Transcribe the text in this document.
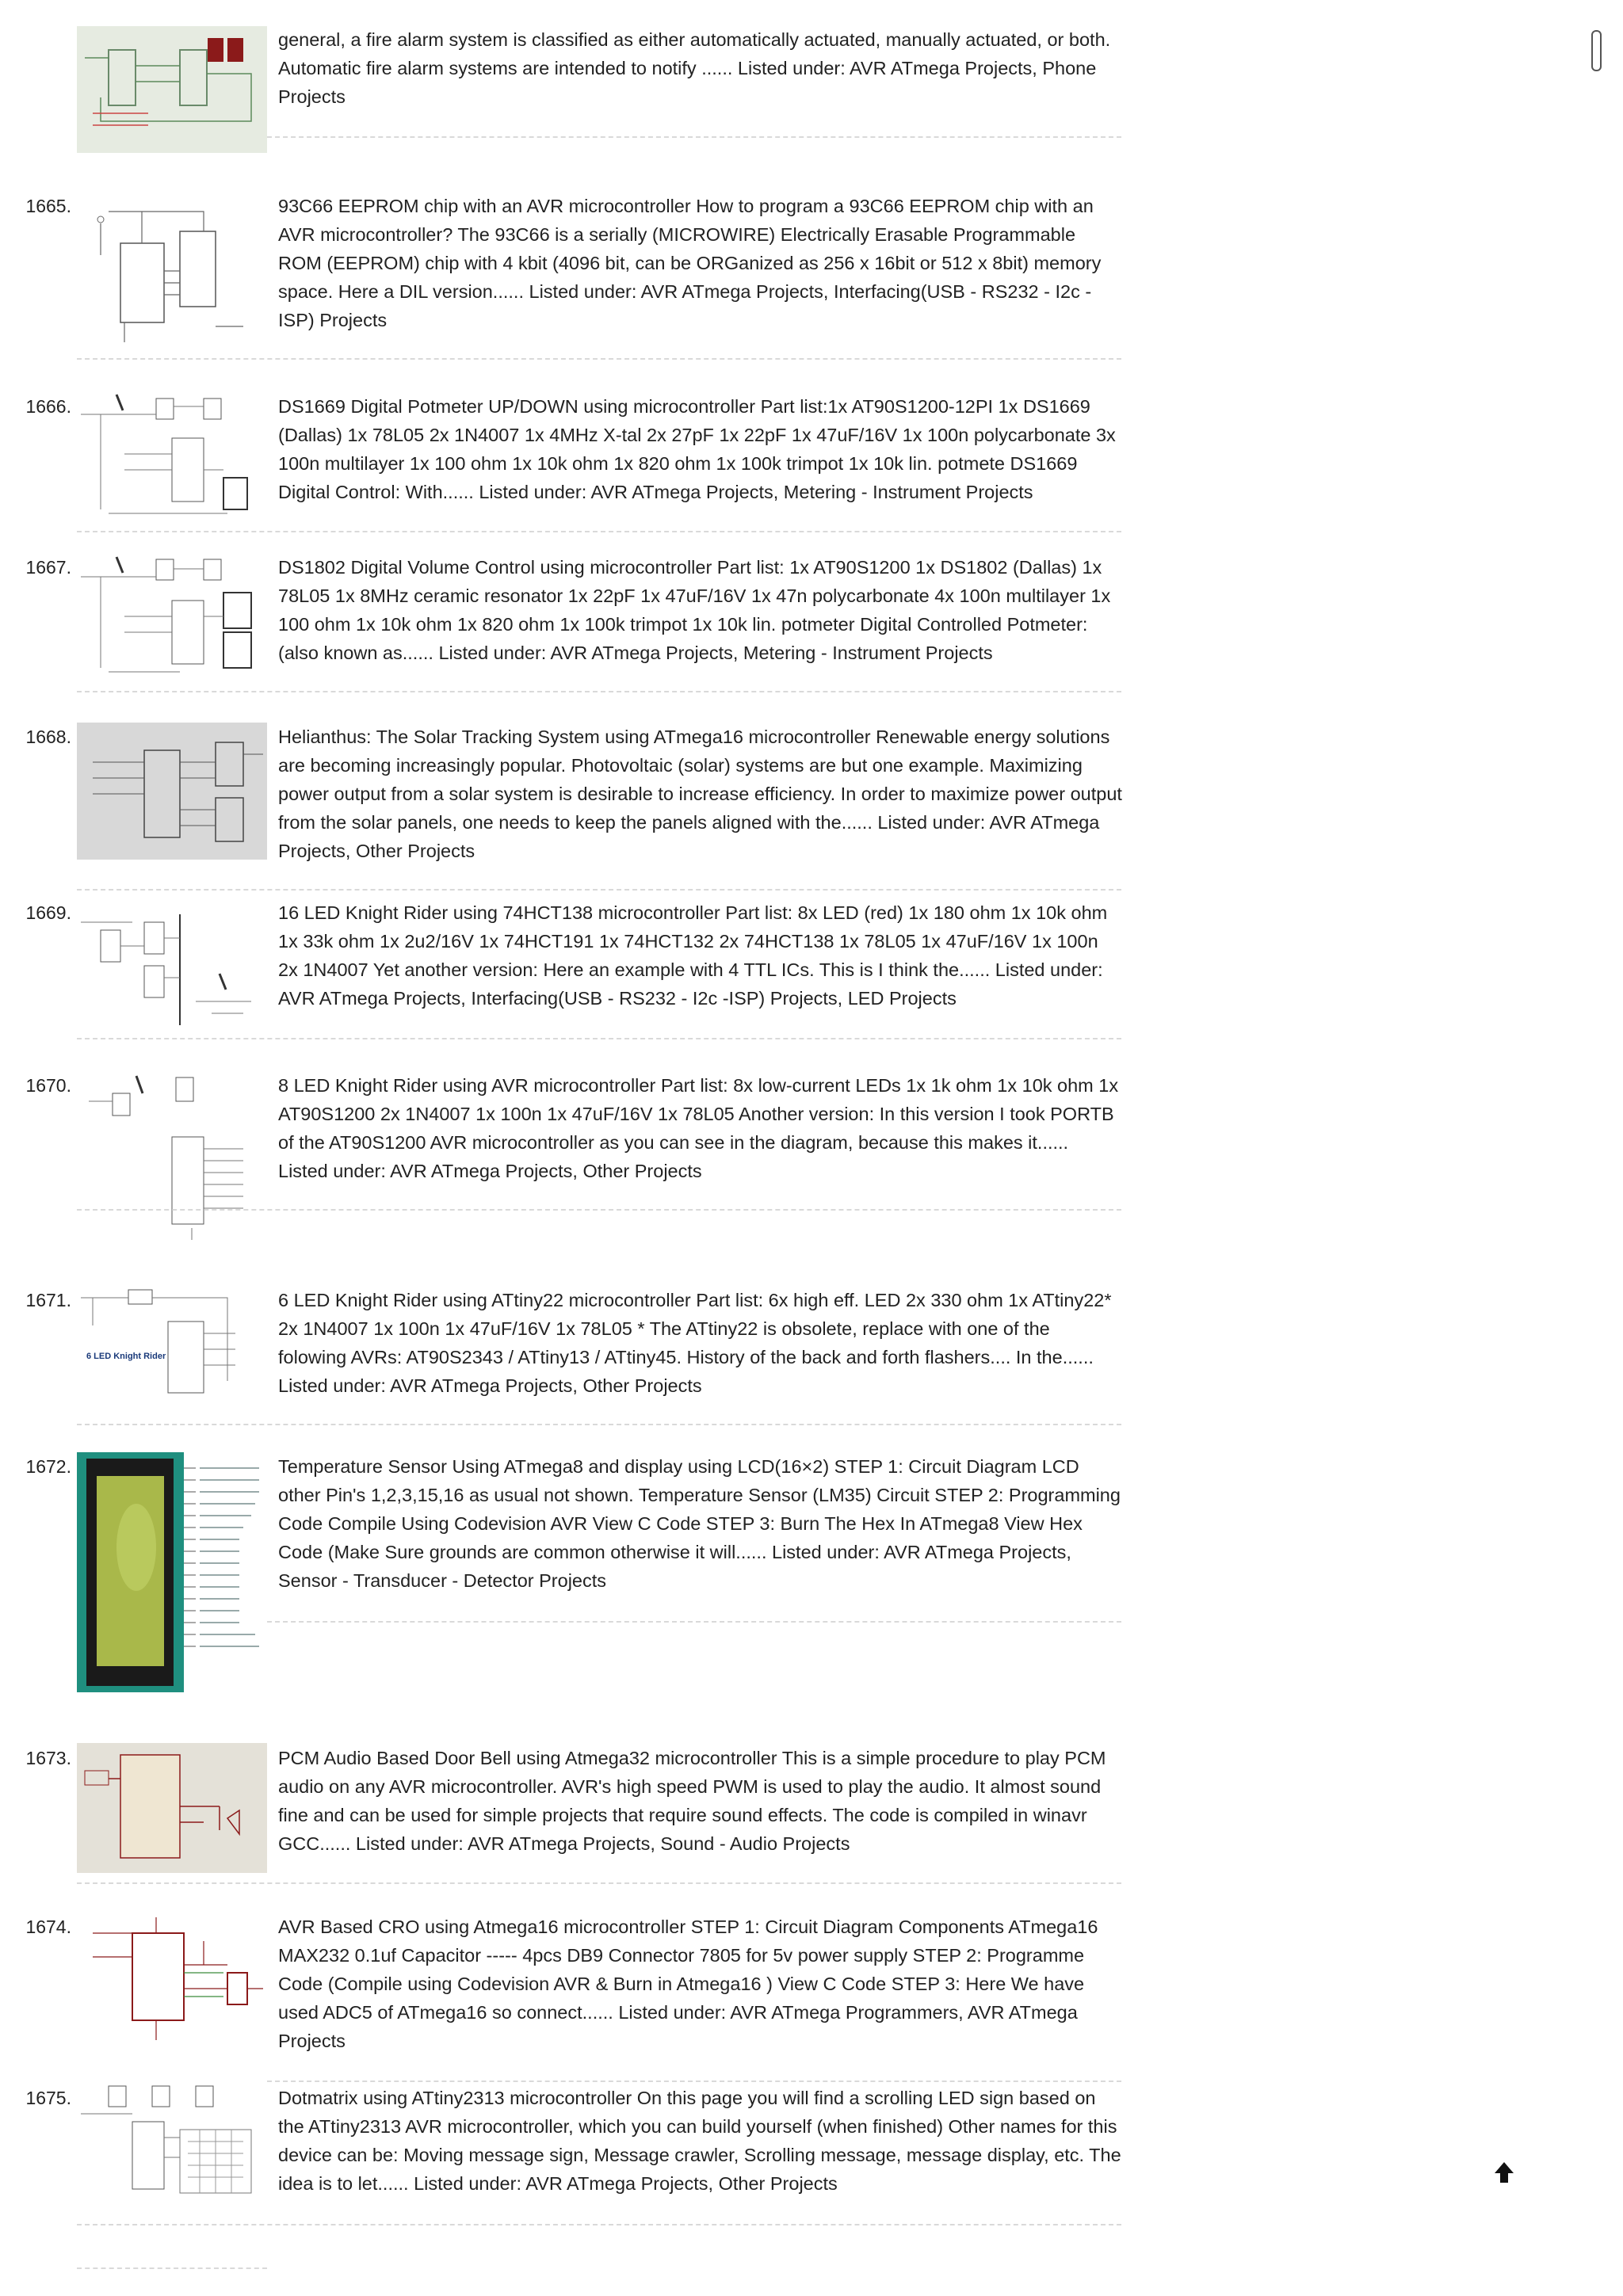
general, a fire alarm system is classified as either automatically actuated, manually actuated, or both. Automatic fire alarm systems are intended to notify ...... Listed under: AVR ATmega Projects, Phone Projects
1665.	93C66 EEPROM chip with an AVR microcontroller How to program a 93C66 EEPROM chip with an AVR microcontroller? The 93C66 is a serially (MICROWIRE) Electrically Erasable Programmable ROM (EEPROM) chip with 4 kbit (4096 bit, can be ORGanized as 256 x 16bit or 512 x 8bit) memory space. Here a DIL version...... Listed under: AVR ATmega Projects, Interfacing(USB - RS232 - I2c - ISP) Projects
1666.	DS1669 Digital Potmeter UP/DOWN using microcontroller Part list:1x AT90S1200-12PI 1x DS1669 (Dallas) 1x 78L05 2x 1N4007 1x 4MHz X-tal 2x 27pF 1x 22pF 1x 47uF/16V 1x 100n polycarbonate 3x 100n multilayer 1x 100 ohm 1x 10k ohm 1x 820 ohm 1x 100k trimpot 1x 10k lin. potmete DS1669 Digital Control: With...... Listed under: AVR ATmega Projects, Metering - Instrument Projects
1667.	DS1802 Digital Volume Control using microcontroller Part list: 1x AT90S1200 1x DS1802 (Dallas) 1x 78L05 1x 8MHz ceramic resonator 1x 22pF 1x 47uF/16V 1x 47n polycarbonate 4x 100n multilayer 1x 100 ohm 1x 10k ohm 1x 820 ohm 1x 100k trimpot 1x 10k lin. potmeter Digital Controlled Potmeter: (also known as...... Listed under: AVR ATmega Projects, Metering - Instrument Projects
1668.	Helianthus: The Solar Tracking System using ATmega16 microcontroller Renewable energy solutions are becoming increasingly popular. Photovoltaic (solar) systems are but one example. Maximizing power output from a solar system is desirable to increase efficiency. In order to maximize power output from the solar panels, one needs to keep the panels aligned with the...... Listed under: AVR ATmega Projects, Other Projects
1669.	16 LED Knight Rider using 74HCT138 microcontroller Part list: 8x LED (red) 1x 180 ohm 1x 10k ohm 1x 33k ohm 1x 2u2/16V 1x 74HCT191 1x 74HCT132 2x 74HCT138 1x 78L05 1x 47uF/16V 1x 100n 2x 1N4007 Yet another version: Here an example with 4 TTL ICs. This is I think the...... Listed under: AVR ATmega Projects, Interfacing(USB - RS232 - I2c -ISP) Projects, LED Projects
1670.	8 LED Knight Rider using AVR microcontroller Part list: 8x low-current LEDs 1x 1k ohm 1x 10k ohm 1x AT90S1200 2x 1N4007 1x 100n 1x 47uF/16V 1x 78L05 Another version: In this version I took PORTB of the AT90S1200 AVR microcontroller as you can see in the diagram, because this makes it...... Listed under: AVR ATmega Projects, Other Projects
1671.
6 LED Knight Rider
6 LED Knight Rider using ATtiny22 microcontroller Part list: 6x high eff. LED 2x 330 ohm 1x ATtiny22* 2x 1N4007 1x 100n 1x 47uF/16V 1x 78L05 * The ATtiny22 is obsolete, replace with one of the folowing AVRs: AT90S2343 / ATtiny13 / ATtiny45. History of the back and forth flashers.... In the...... Listed under: AVR ATmega Projects, Other Projects
1672.	Temperature Sensor Using ATmega8 and display using LCD(16×2) STEP 1: Circuit Diagram LCD other Pin's 1,2,3,15,16 as usual not shown. Temperature Sensor (LM35) Circuit STEP 2: Programming Code Compile Using Codevision AVR View C Code STEP 3: Burn The Hex In ATmega8 View Hex Code (Make Sure grounds are common otherwise it will...... Listed under: AVR ATmega Projects, Sensor - Transducer - Detector Projects
1673.	PCM Audio Based Door Bell using Atmega32 microcontroller This is a simple procedure to play PCM audio on any AVR microcontroller. AVR's high speed PWM is used to play the audio. It almost sound fine and can be used for simple projects that require sound effects. The code is compiled in winavr GCC...... Listed under: AVR ATmega Projects, Sound - Audio Projects
1674.	AVR Based CRO using Atmega16 microcontroller STEP 1: Circuit Diagram Components ATmega16 MAX232 0.1uf Capacitor ----- 4pcs DB9 Connector 7805 for 5v power supply STEP 2: Programme Code (Compile using Codevision AVR & Burn in Atmega16 ) View C Code STEP 3: Here We have used ADC5 of ATmega16 so connect...... Listed under: AVR ATmega Programmers, AVR ATmega Projects
1675.	Dotmatrix using ATtiny2313 microcontroller On this page you will find a scrolling LED sign based on the ATtiny2313 AVR microcontroller, which you can build yourself (when finished) Other names for this device can be: Moving message sign, Message crawler, Scrolling message, message display, etc. The idea is to let...... Listed under: AVR ATmega Projects, Other Projects
